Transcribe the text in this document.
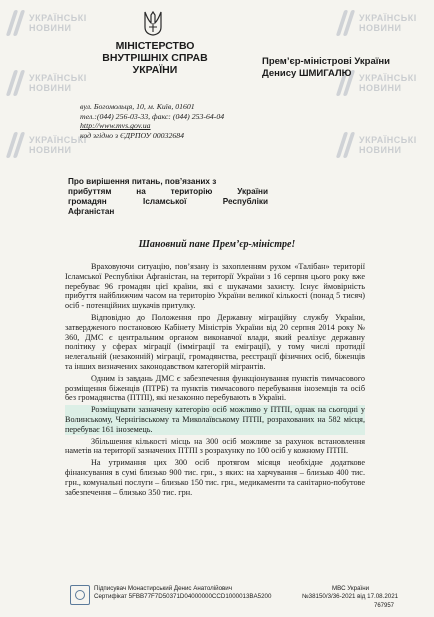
УКРАЇНСЬКІ
НОВИНИ
УКРАЇНСЬКІ
НОВИНИ
УКРАЇНСЬКІ
НОВИНИ
УКРАЇНСЬКІ
НОВИНИ
УКРАЇНСЬКІ
НОВИНИ
УКРАЇНСЬКІ
НОВИНИ
МІНІСТЕРСТВО
ВНУТРІШНІХ СПРАВ
УКРАЇНИ
Прем’єр-міністрові України
Денису ШМИГАЛЮ
вул. Богомольця, 10, м. Київ, 01601
тел.:(044) 256-03-33, факс: (044) 253-64-04
http://www.mvs.gov.ua
код згідно з ЄДРПОУ 00032684
Про вирішення питань, пов’язаних з
прибуттям на територію України
громадян Ісламської Республіки
Афганістан
Шановний пане Прем’єр-міністре!

Враховуючи ситуацію, пов’язану із захопленням рухом «Талібан» території Ісламської Республіки Афганістан, на території України з 16 серпня цього року вже перебуває 96 громадян цієї країни, які є шукачами захисту. Існує ймовірність прибуття найближчим часом на територію України великої кількості (понад 5 тисяч) осіб - потенційних шукачів притулку.

Відповідно до Положення про Державну міграційну службу України, затвердженого постановою Кабінету Міністрів України від 20 серпня 2014 року № 360, ДМС є центральним органом виконавчої влади, який реалізує державну політику у сферах міграції (імміграції та еміграції), у тому числі протидії нелегальній (незаконній) міграції, громадянства, реєстрації фізичних осіб, біженців та інших визначених законодавством категорій мігрантів.

Одним із завдань ДМС є забезпечення функціонування пунктів тимчасового розміщення біженців (ПТРБ) та пунктів тимчасового перебування іноземців та осіб без громадянства (ПТПІ), які незаконно перебувають в Україні.

Розміщувати зазначену категорію осіб можливо у ПТПІ, однак на сьогодні у Волинському, Чернігівському та Миколаївському ПТПІ, розрахованих на 582 місця, перебуває 161 іноземець.

Збільшення кількості місць на 300 осіб можливе за рахунок встановлення наметів на території зазначених ПТПІ з розрахунку по 100 осіб у кожному ПТПІ.

На утримання цих 300 осіб протягом місяця необхідне додаткове фінансування в сумі близько 900 тис. грн., з яких: на харчування – близько 400 тис. грн., комунальні послуги – близько 150 тис. грн., медикаменти та санітарно-побутове забезпечення – близько 350 тис. грн.

Підписувач Монастирський Денис Анатолійович
Сертифікат 5FBB77F7D50371D04000000CCD1000013BA5200
МВС України
№38150/3/36-2021 від 17.08.2021
767957
